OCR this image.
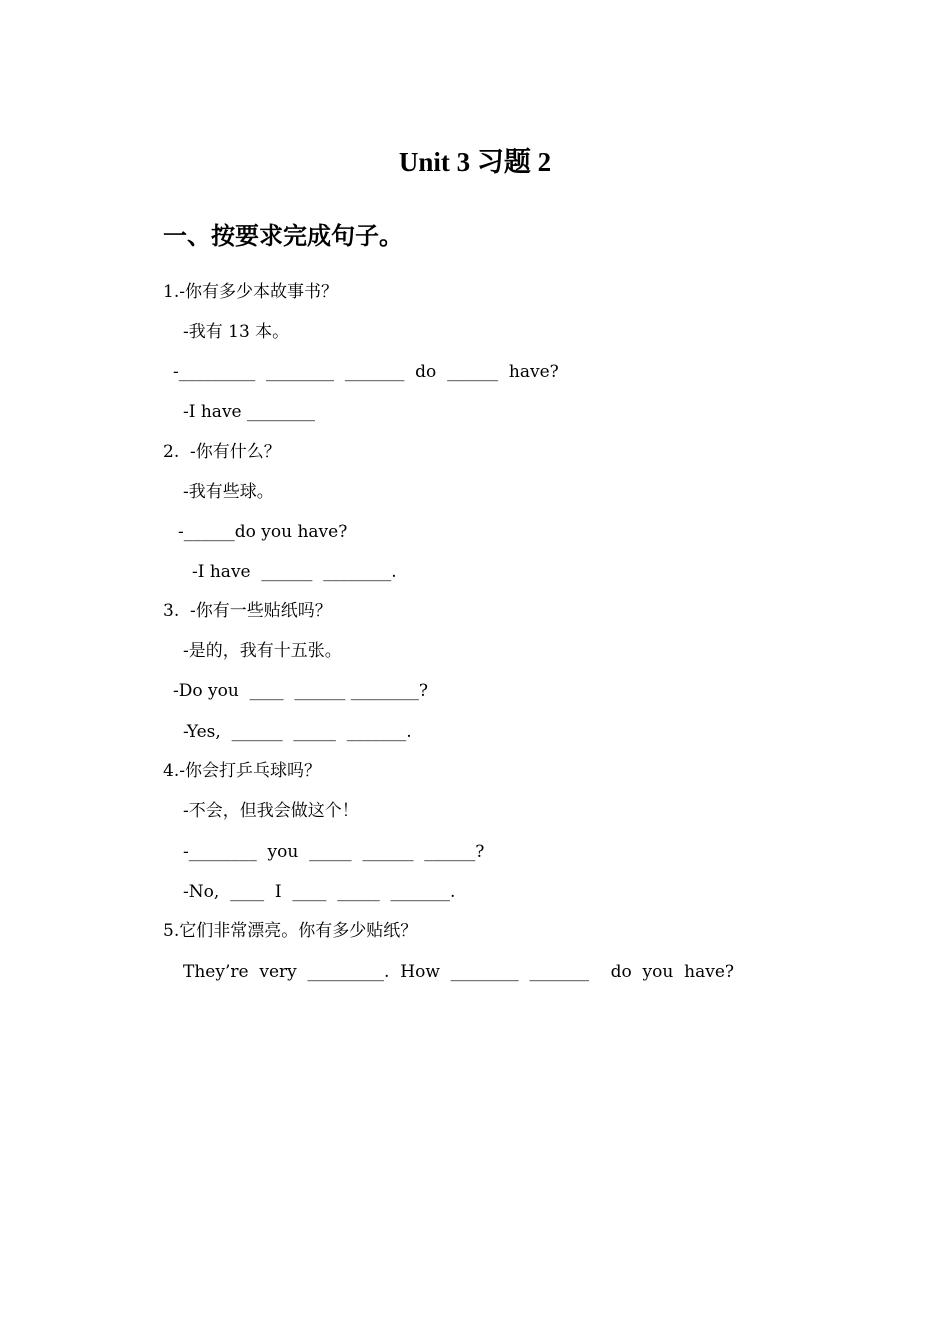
Unit 3 习题 2
一、按要求完成句子。
1.-你有多少本故事书？
-我有 13 本。
-_________  ________  _______  do  ______  have?
-I have ________
2.  -你有什么？
-我有些球。
-______do you have?
-I have  ______  ________.
3.  -你有一些贴纸吗？
-是的，我有十五张。
-Do you  ____  ______ ________?
-Yes,  ______  _____  _______.
4.-你会打乒乓球吗？
-不会，但我会做这个！
-________  you  _____  ______  ______?
-No,  ____  I  ____  _____  _______.
5.它们非常漂亮。你有多少贴纸？
They’re  very  _________.  How  ________  _______    do  you  have?
